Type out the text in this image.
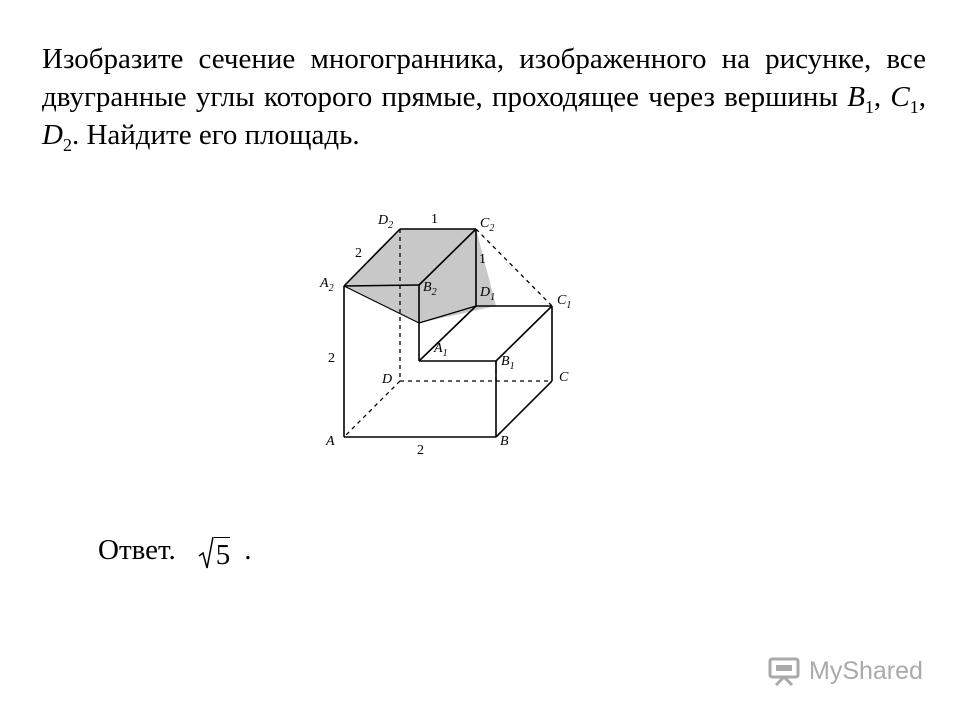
Изобразите сечение многогранника, изображенного на рисунке, все двугранные углы которого прямые, проходящее через вершины $B_1$, $C_1$, $D_2$. Найдите его площадь.
$D_2$	$C_2$
$A_2$	$B_2$	$D_1$	$C_1$
$A_1$
$B_1$
D	C
A	B
1
2	1
2
2
Ответ. 5 .
MyShared
